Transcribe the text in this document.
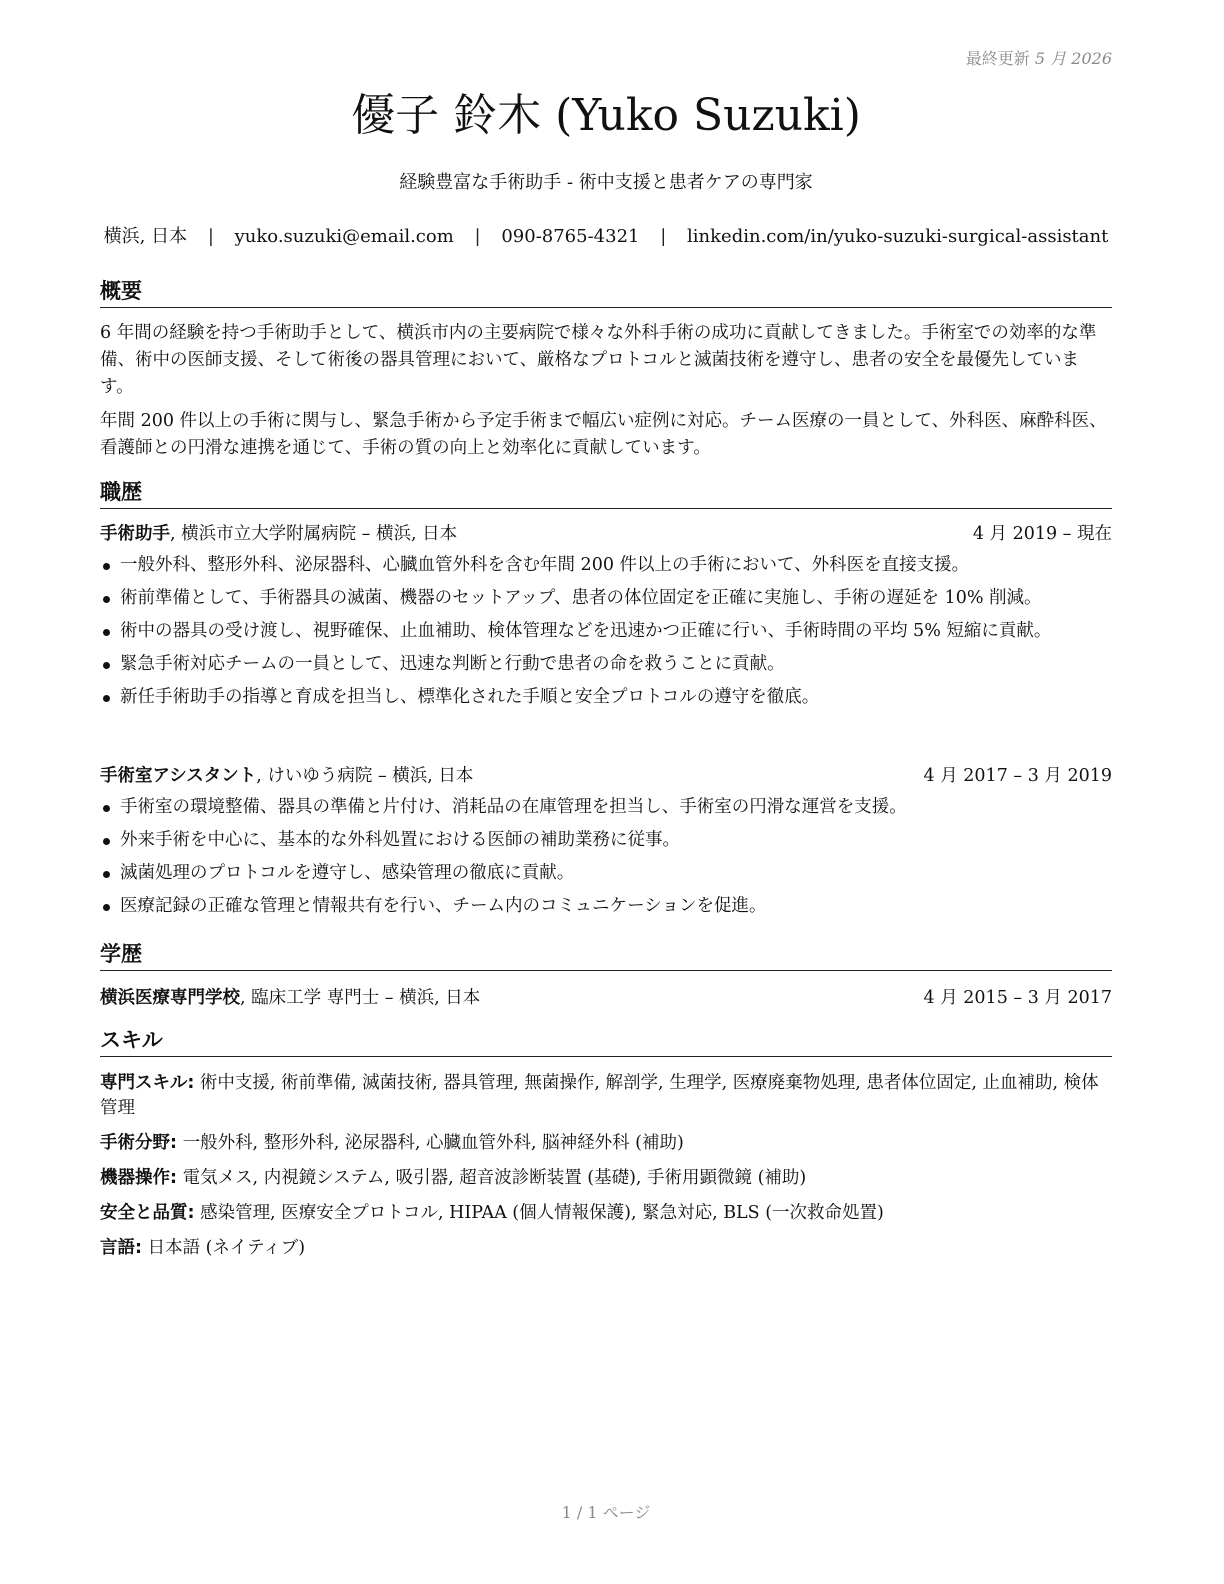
最終更新 5 月 2026
優子 鈴木 (Yuko Suzuki)
経験豊富な手術助手 - 術中支援と患者ケアの専門家
横浜, 日本 | yuko.suzuki@email.com | 090-8765-4321 | linkedin.com/in/yuko-suzuki-surgical-assistant
概要
6 年間の経験を持つ手術助手として、横浜市内の主要病院で様々な外科手術の成功に貢献してきました。手術室での効率的な準備、術中の医師支援、そして術後の器具管理において、厳格なプロトコルと滅菌技術を遵守し、患者の安全を最優先しています。
年間 200 件以上の手術に関与し、緊急手術から予定手術まで幅広い症例に対応。チーム医療の一員として、外科医、麻酔科医、看護師との円滑な連携を通じて、手術の質の向上と効率化に貢献しています。
職歴
手術助手, 横浜市立大学附属病院 – 横浜, 日本	4 月 2019 – 現在
一般外科、整形外科、泌尿器科、心臓血管外科を含む年間 200 件以上の手術において、外科医を直接支援。
術前準備として、手術器具の滅菌、機器のセットアップ、患者の体位固定を正確に実施し、手術の遅延を 10% 削減。
術中の器具の受け渡し、視野確保、止血補助、検体管理などを迅速かつ正確に行い、手術時間の平均 5% 短縮に貢献。
緊急手術対応チームの一員として、迅速な判断と行動で患者の命を救うことに貢献。
新任手術助手の指導と育成を担当し、標準化された手順と安全プロトコルの遵守を徹底。
手術室アシスタント, けいゆう病院 – 横浜, 日本	4 月 2017 – 3 月 2019
手術室の環境整備、器具の準備と片付け、消耗品の在庫管理を担当し、手術室の円滑な運営を支援。
外来手術を中心に、基本的な外科処置における医師の補助業務に従事。
滅菌処理のプロトコルを遵守し、感染管理の徹底に貢献。
医療記録の正確な管理と情報共有を行い、チーム内のコミュニケーションを促進。
学歴
横浜医療専門学校, 臨床工学 専門士 – 横浜, 日本	4 月 2015 – 3 月 2017
スキル
専門スキル: 術中支援, 術前準備, 滅菌技術, 器具管理, 無菌操作, 解剖学, 生理学, 医療廃棄物処理, 患者体位固定, 止血補助, 検体管理
手術分野: 一般外科, 整形外科, 泌尿器科, 心臓血管外科, 脳神経外科 (補助)
機器操作: 電気メス, 内視鏡システム, 吸引器, 超音波診断装置 (基礎), 手術用顕微鏡 (補助)
安全と品質: 感染管理, 医療安全プロトコル, HIPAA (個人情報保護), 緊急対応, BLS (一次救命処置)
言語: 日本語 (ネイティブ)
1 / 1 ページ
